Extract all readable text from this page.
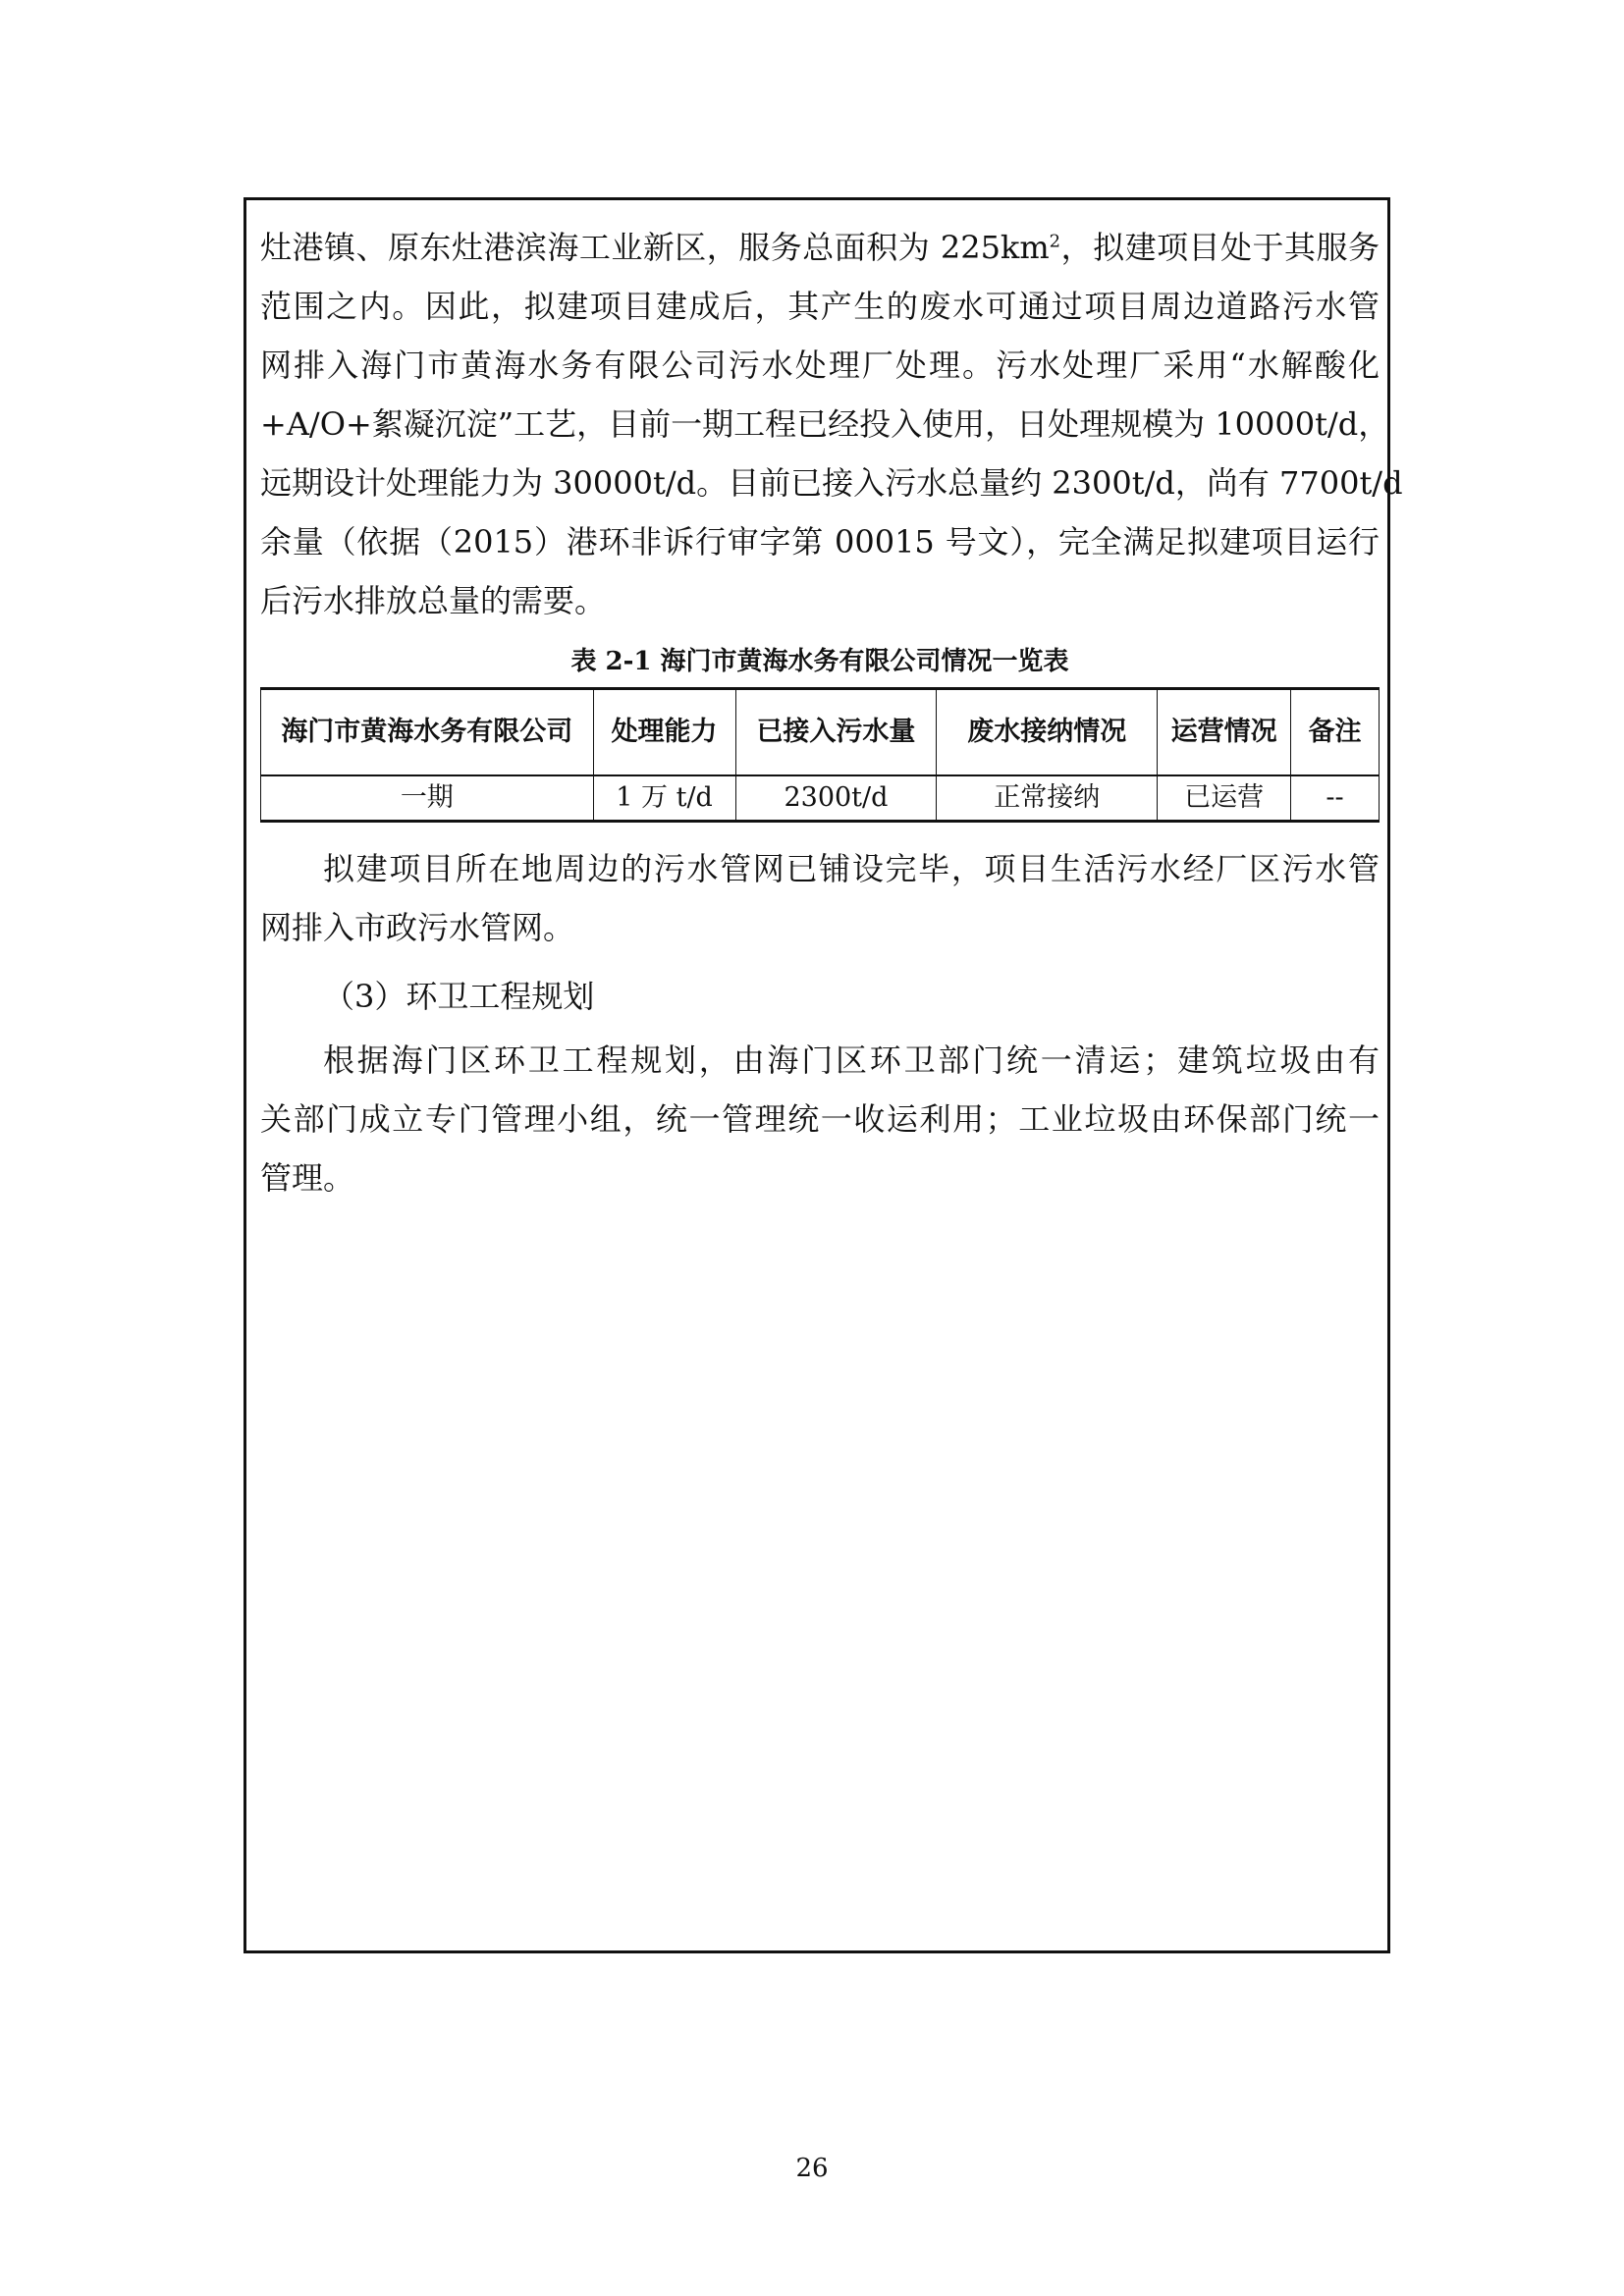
灶港镇、原东灶港滨海工业新区，服务总面积为 $225km^2$，拟建项目处于其服务
范围之内。因此，拟建项目建成后，其产生的废水可通过项目周边道路污水管
网排入海门市黄海水务有限公司污水处理厂处理。污水处理厂采用“水解酸化
+A/O+絮凝沉淀”工艺，目前一期工程已经投入使用，日处理规模为 10000t/d，
远期设计处理能力为 30000t/d。目前已接入污水总量约 2300t/d，尚有 7700t/d
余量（依据（2015）港环非诉行审字第 00015 号文），完全满足拟建项目运行
后污水排放总量的需要。

表 2-1 海门市黄海水务有限公司情况一览表

海门市黄海水务有限公司	处理能力	已接入污水量	废水接纳情况	运营情况	备注
一期	1 万 t/d	2300t/d	正常接纳	已运营	--

拟建项目所在地周边的污水管网已铺设完毕，项目生活污水经厂区污水管
网排入市政污水管网。

（3）环卫工程规划

根据海门区环卫工程规划，由海门区环卫部门统一清运；建筑垃圾由有
关部门成立专门管理小组，统一管理统一收运利用；工业垃圾由环保部门统一
管理。

26
